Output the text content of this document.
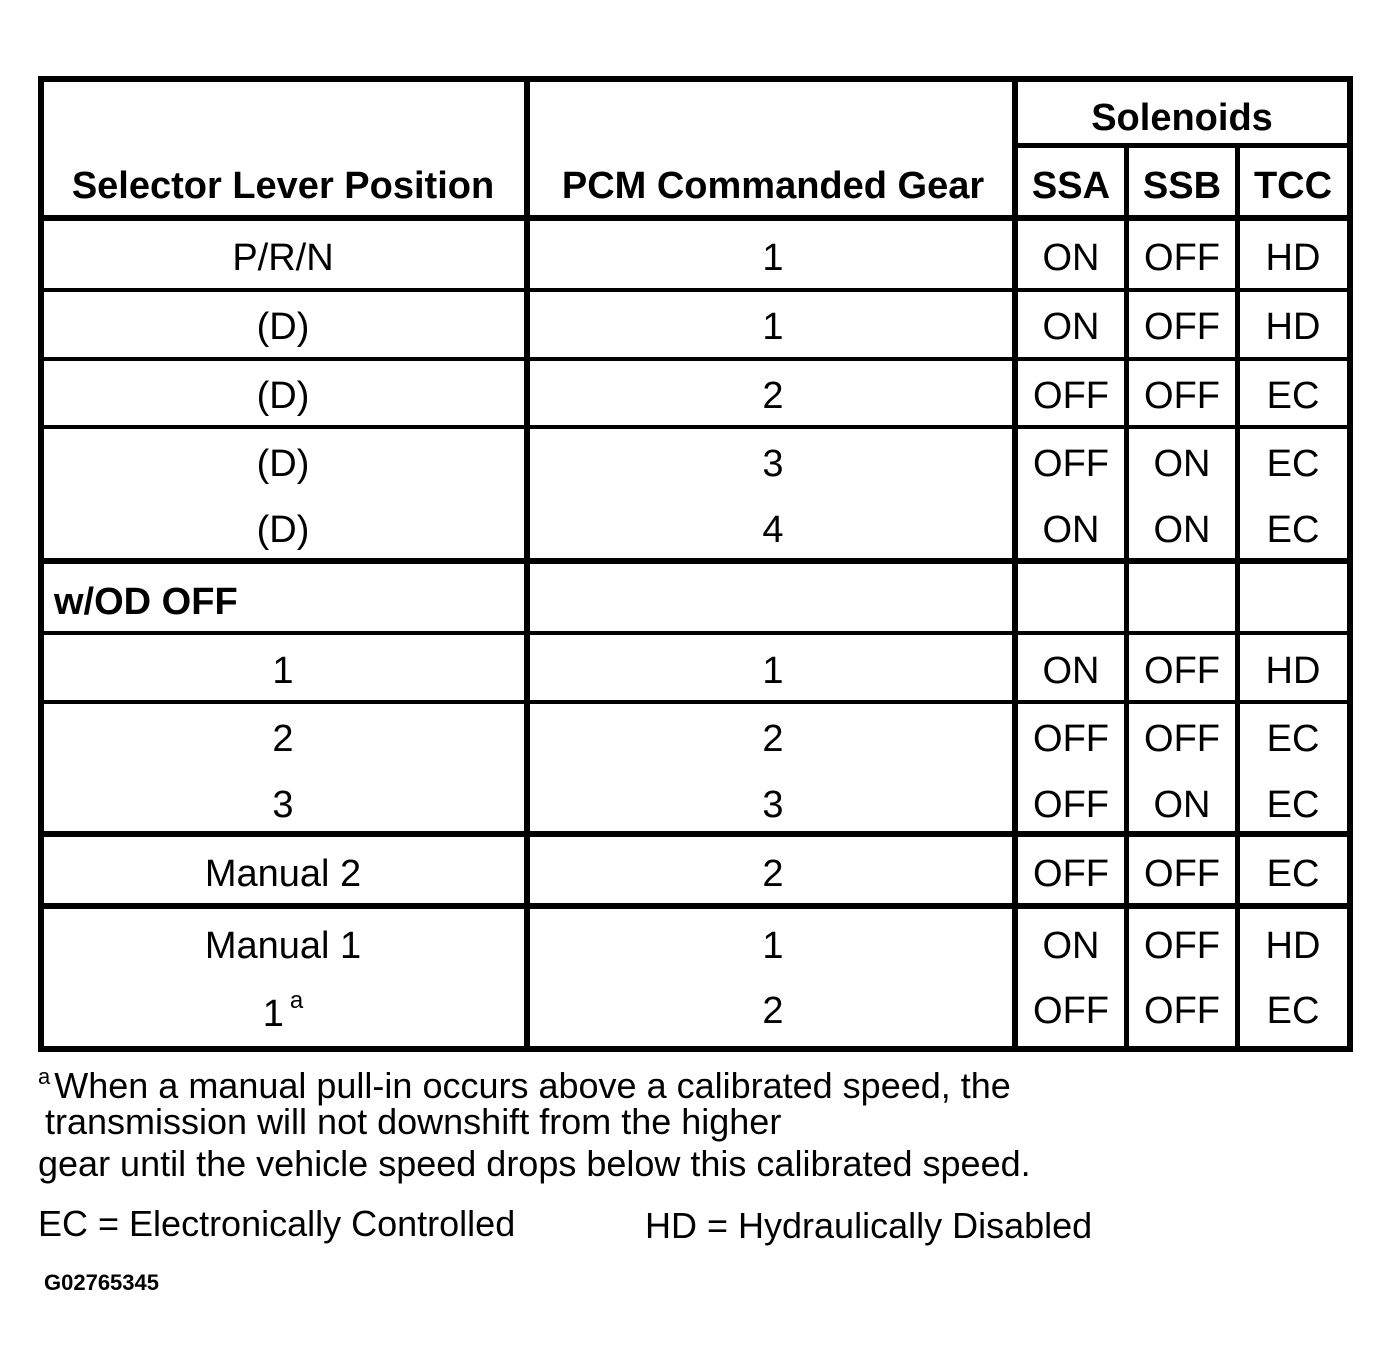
Selector Lever Position PCM Commanded Gear
Solenoids
SSA SSB TCC
P/R/N	1	ON OFF HD
(D)	1	ON OFF HD
(D)	2	OFF OFF EC
(D)	3	OFF ON EC
(D)	4	ON ON EC
w/OD OFF
1	1	ON OFF HD
2	2	OFF OFF EC
3	3	OFF ON EC
Manual 2	2	OFF OFF EC
Manual 1	1	ON OFF HD
1 $^a$	2	OFF OFF EC
$^a$ When a manual pull-in occurs above a calibrated speed, the
transmission will not downshift from the higher
gear until the vehicle speed drops below this calibrated speed.
EC = Electronically Controlled	HD = Hydraulically Disabled
G02765345
